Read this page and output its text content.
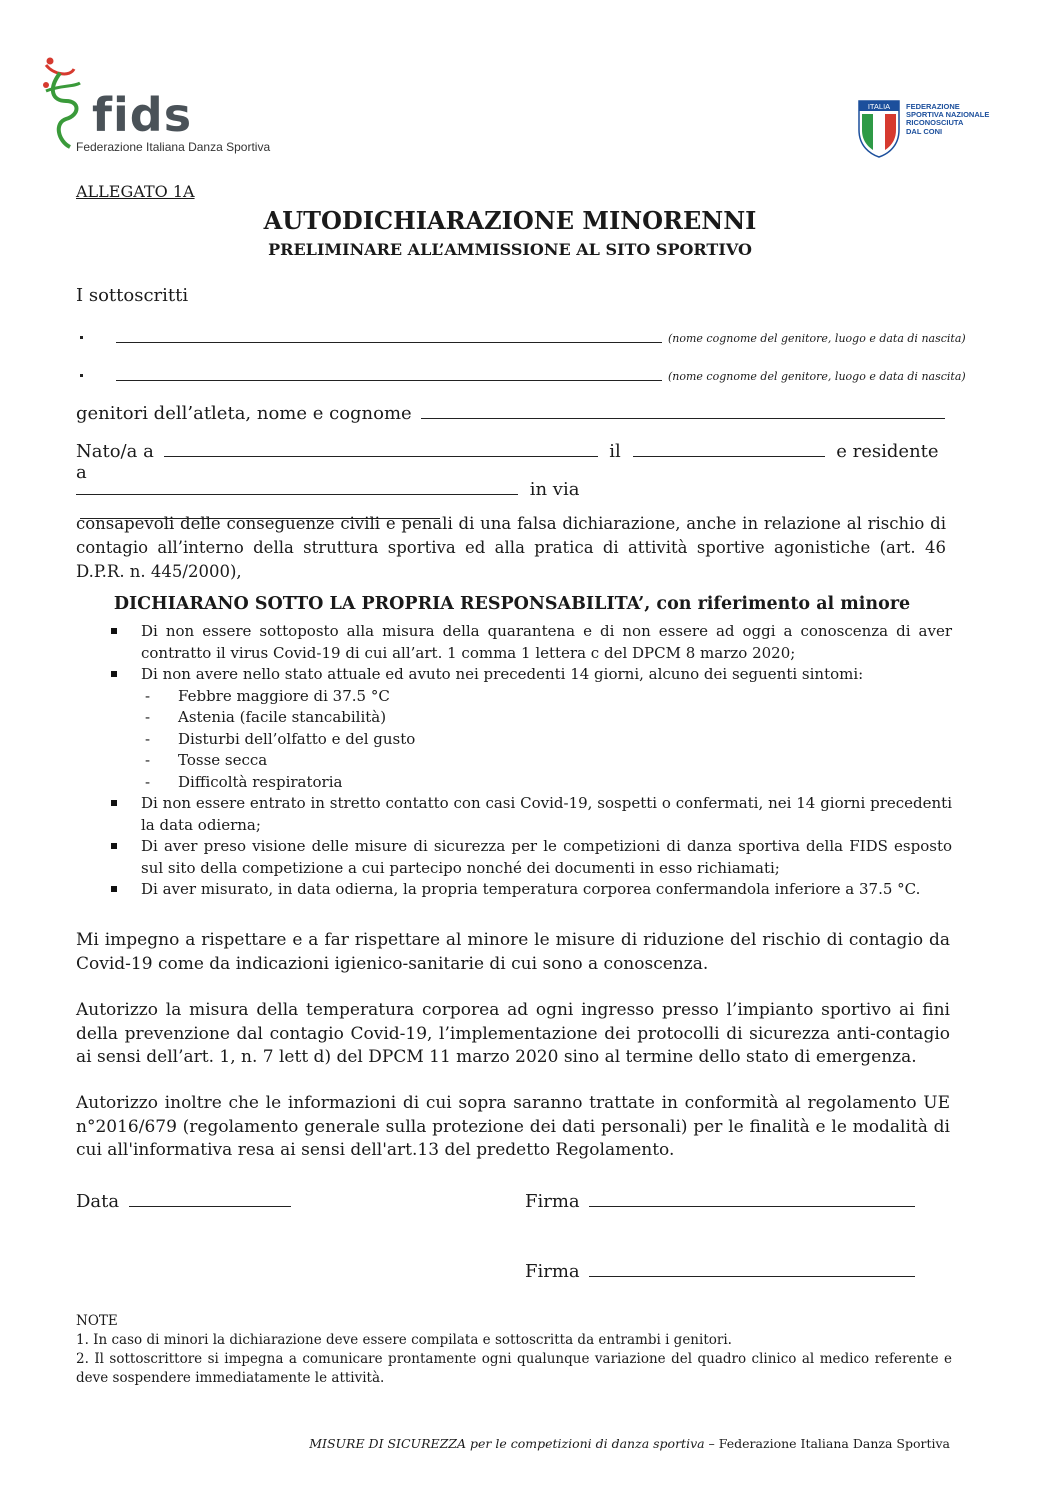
fids
Federazione Italiana Danza Sportiva
ITALIA FEDERAZIONE
SPORTIVA NAZIONALE
RICONOSCIUTA
DAL CONI
ALLEGATO 1A
AUTODICHIARAZIONE MINORENNI
PRELIMINARE ALL’AMMISSIONE AL SITO SPORTIVO
I sottoscritti
(nome cognome del genitore, luogo e data di nascita)
(nome cognome del genitore, luogo e data di nascita)
genitori dell’atleta, nome e cognome
Nato/a a	il	e residente a
in via
consapevoli delle conseguenze civili e penali di una falsa dichiarazione, anche in relazione al rischio di contagio all’interno della struttura sportiva ed alla pratica di attività sportive agonistiche (art. 46 D.P.R. n. 445/2000),
DICHIARANO SOTTO LA PROPRIA RESPONSABILITA’, con riferimento al minore
Di non essere sottoposto alla misura della quarantena e di non essere ad oggi a conoscenza di aver contratto il virus Covid-19 di cui all’art. 1 comma 1 lettera c del DPCM 8 marzo 2020;
Di non avere nello stato attuale ed avuto nei precedenti 14 giorni, alcuno dei seguenti sintomi:
- Febbre maggiore di 37.5 °C
- Astenia (facile stancabilità)
- Disturbi dell’olfatto e del gusto
- Tosse secca
- Difficoltà respiratoria
Di non essere entrato in stretto contatto con casi Covid-19, sospetti o confermati, nei 14 giorni precedenti la data odierna;
Di aver preso visione delle misure di sicurezza per le competizioni di danza sportiva della FIDS esposto sul sito della competizione a cui partecipo nonché dei documenti in esso richiamati;
Di aver misurato, in data odierna, la propria temperatura corporea confermandola inferiore a 37.5 °C.
Mi impegno a rispettare e a far rispettare al minore le misure di riduzione del rischio di contagio da Covid-19 come da indicazioni igienico-sanitarie di cui sono a conoscenza.
Autorizzo la misura della temperatura corporea ad ogni ingresso presso l’impianto sportivo ai fini della prevenzione dal contagio Covid-19, l’implementazione dei protocolli di sicurezza anti-contagio ai sensi dell’art. 1, n. 7 lett d) del DPCM 11 marzo 2020 sino al termine dello stato di emergenza.
Autorizzo inoltre che le informazioni di cui sopra saranno trattate in conformità al regolamento UE n°2016/679 (regolamento generale sulla protezione dei dati personali) per le finalità e le modalità di cui all'informativa resa ai sensi dell'art.13 del predetto Regolamento.
Data	Firma
Firma

NOTE

1. In caso di minori la dichiarazione deve essere compilata e sottoscritta da entrambi i genitori.

2. Il sottoscrittore si impegna a comunicare prontamente ogni qualunque variazione del quadro clinico al medico referente e deve sospendere immediatamente le attività.

MISURE DI SICUREZZA per le competizioni di danza sportiva – Federazione Italiana Danza Sportiva
